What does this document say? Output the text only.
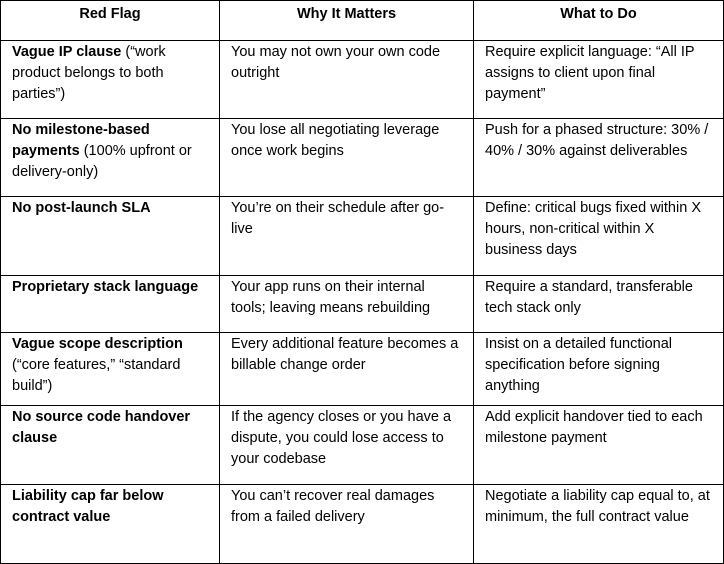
Red Flag	Why It Matters	What to Do
Vague IP clause (“work product belongs to both parties”)	You may not own your own code outright	Require explicit language: “All IP assigns to client upon final payment”
No milestone-based payments (100% upfront or delivery-only)	You lose all negotiating leverage once work begins	Push for a phased structure: 30% / 40% / 30% against deliverables
No post-launch SLA	You’re on their schedule after go-live	Define: critical bugs fixed within X hours, non-critical within X business days
Proprietary stack language	Your app runs on their internal tools; leaving means rebuilding	Require a standard, transferable tech stack only
Vague scope description (“core features,” “standard build”)	Every additional feature becomes a billable change order	Insist on a detailed functional specification before signing anything
No source code handover clause	If the agency closes or you have a dispute, you could lose access to your codebase	Add explicit handover tied to each milestone payment
Liability cap far below contract value	You can’t recover real damages from a failed delivery	Negotiate a liability cap equal to, at minimum, the full contract value
